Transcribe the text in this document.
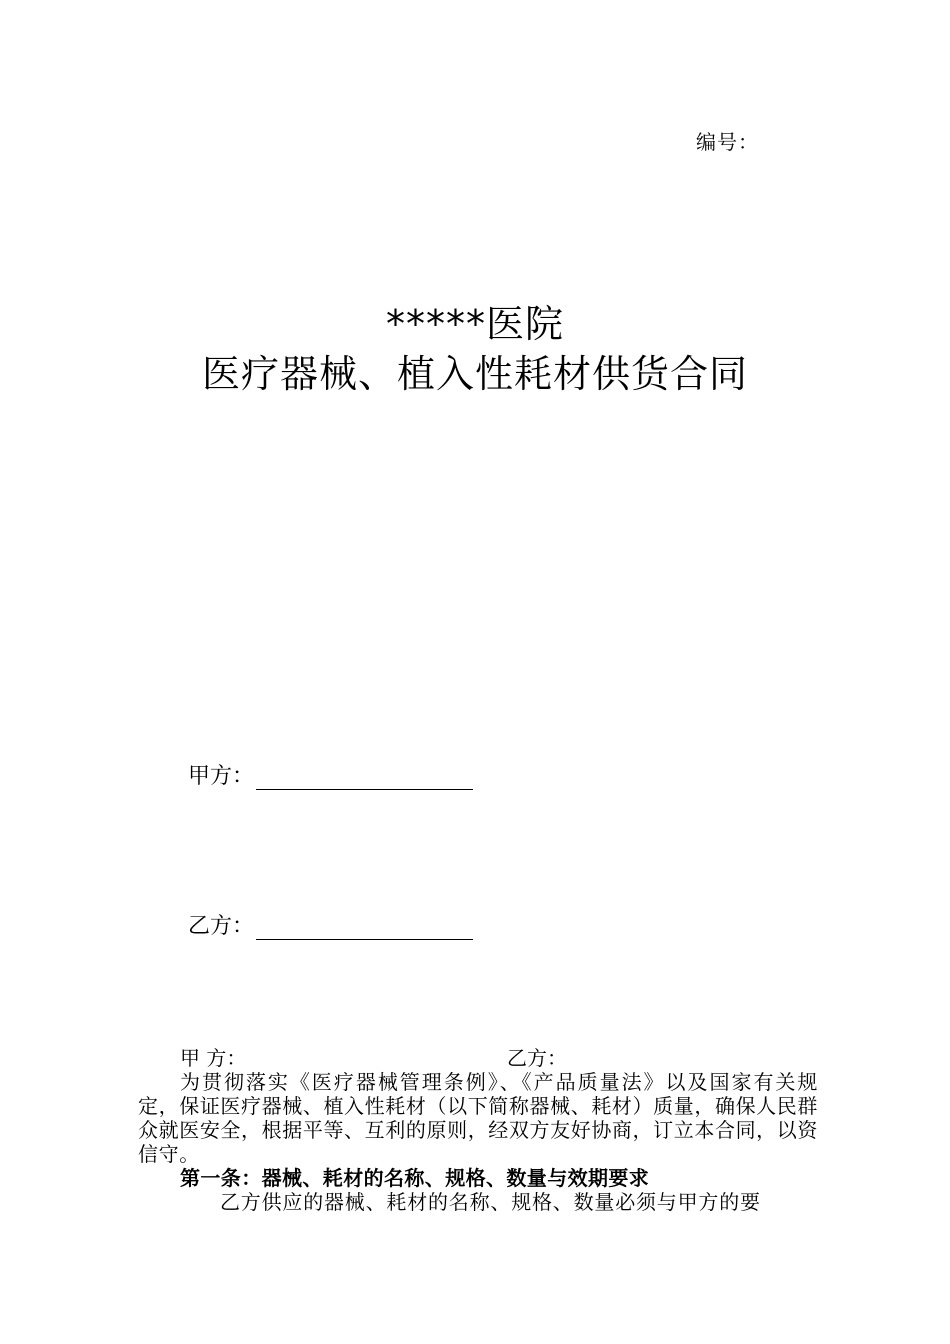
编号：
*****医院
医疗器械、植入性耗材供货合同
甲方：
乙方：
甲 方：	乙方：
为贯彻落实《医疗器械管理条例》、《产品质量法》以及国家有关规定，保证医疗器械、植入性耗材（以下简称器械、耗材）质量，确保人民群众就医安全，根据平等、互利的原则，经双方友好协商，订立本合同，以资信守。
第一条：器械、耗材的名称、规格、数量与效期要求
乙方供应的器械、耗材的名称、规格、数量必须与甲方的要
